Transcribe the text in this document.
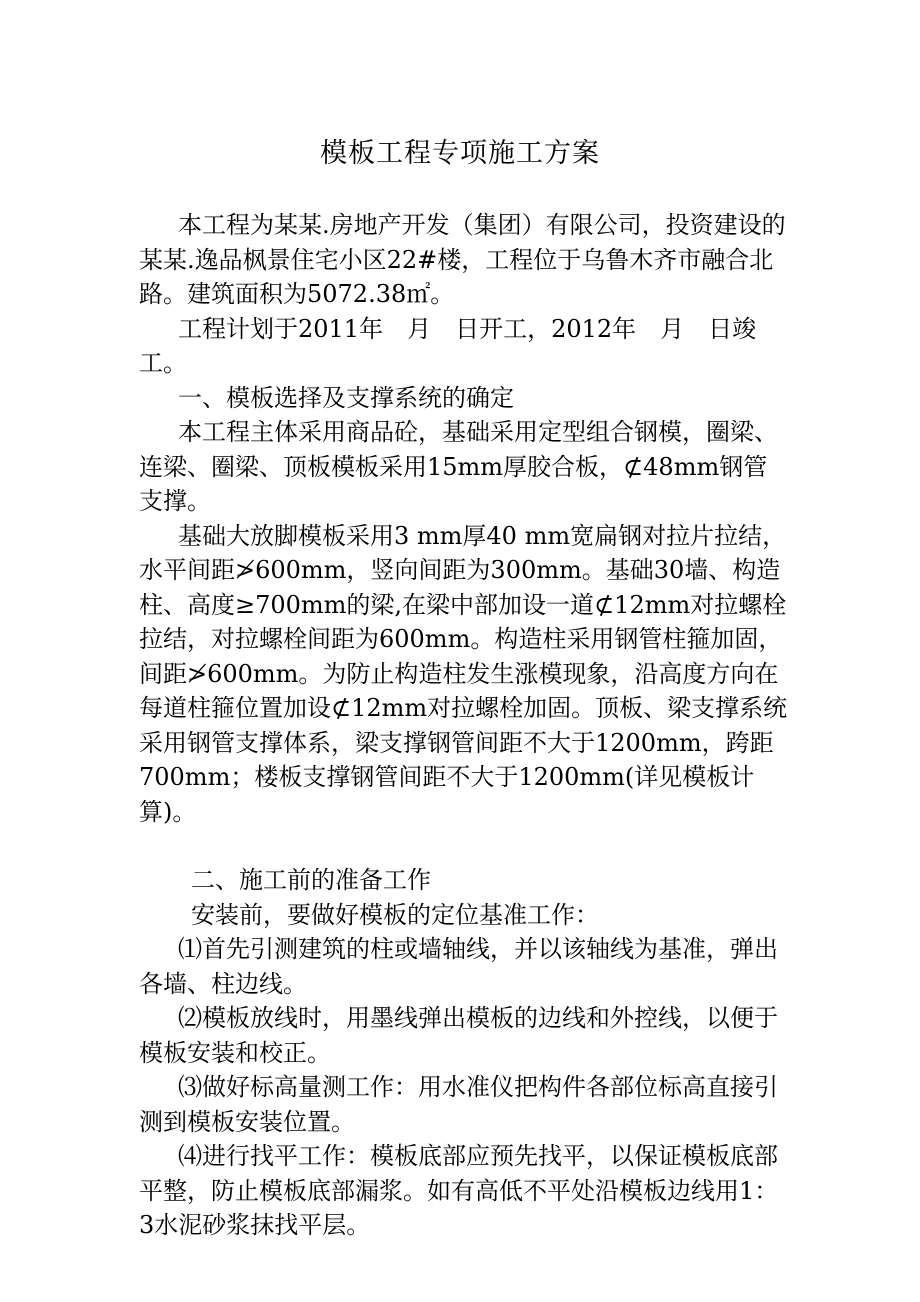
模板工程专项施工方案

本工程为某某.房地产开发（集团）有限公司，投资建设的某某.逸品枫景住宅小区22#楼，工程位于乌鲁木齐市融合北路。建筑面积为5072.38㎡。

工程计划于2011年　月　日开工，2012年　月　日竣工。

一、模板选择及支撑系统的确定

本工程主体采用商品砼，基础采用定型组合钢模，圈梁、连梁、圈梁、顶板模板采用15mm厚胶合板，⊄48mm钢管支撑。

基础大放脚模板采用3 mm厚40 mm宽扁钢对拉片拉结，水平间距≯600mm，竖向间距为300mm。基础30墙、构造柱、高度≥700mm的梁,在梁中部加设一道⊄12mm对拉螺栓拉结，对拉螺栓间距为600mm。构造柱采用钢管柱箍加固，间距≯600mm。为防止构造柱发生涨模现象，沿高度方向在每道柱箍位置加设⊄12mm对拉螺栓加固。顶板、梁支撑系统采用钢管支撑体系，梁支撑钢管间距不大于1200mm，跨距700mm；楼板支撑钢管间距不大于1200mm(详见模板计算)。

二、施工前的准备工作

安装前，要做好模板的定位基准工作：

⑴首先引测建筑的柱或墙轴线，并以该轴线为基准，弹出各墙、柱边线。

⑵模板放线时，用墨线弹出模板的边线和外控线，以便于模板安装和校正。

⑶做好标高量测工作：用水准仪把构件各部位标高直接引测到模板安装位置。

⑷进行找平工作：模板底部应预先找平，以保证模板底部平整，防止模板底部漏浆。如有高低不平处沿模板边线用1：3水泥砂浆抹找平层。
